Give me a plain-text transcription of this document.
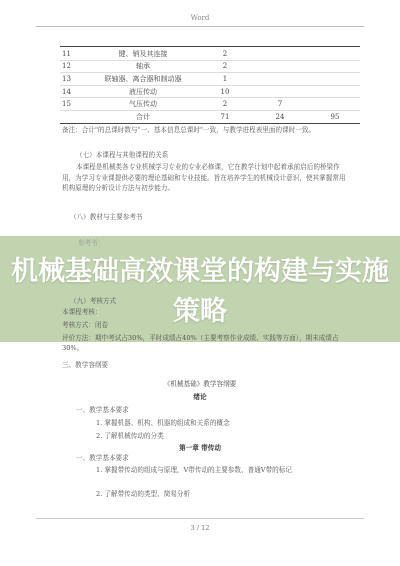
Word
11	键、销及其连接	2		
12	轴承	2		
13	联轴器、离合器和制动器	1		
14	液压传动	10		
15	气压传动	2	7	
	合计	71	24	95
备注：合计"的总课时数与"一、基本信息总课时"一致，与教学进程表里面的课时一致。
（七）本课程与其他课程的关系
本课程是机械类各专业机械学习专业的专业必修课，它在教学计划中起着承前启后的桥梁作用，为学习专业课提供必要的理论基础和专业技能。旨在培养学生的机械设计意识，使其掌握常用机构原理的分析设计方法与初步能力。
（八）教材与主要参考书
机械基础高效课堂的构建与实施策略
参考书：
（九）考核方式
本课程考核：
考核方式：闭卷
评价方法：期中考试占30%，平时成绩占40%（主要考察作业成绩、实践等方面），期末成绩占30%。
三、教学容纲要
《机械基础》教学容纲要
绪论
一、教学基本要求
1. 掌握机器、机构、机器的组成和关系的概念
2. 了解机械传动的分类
第一章 带传动
一、教学基本要求
1. 掌握带传动的组成与原理，V带传动的主要参数、普通V带的标记
2. 了解带传动的类型、简易分析
3 / 12
